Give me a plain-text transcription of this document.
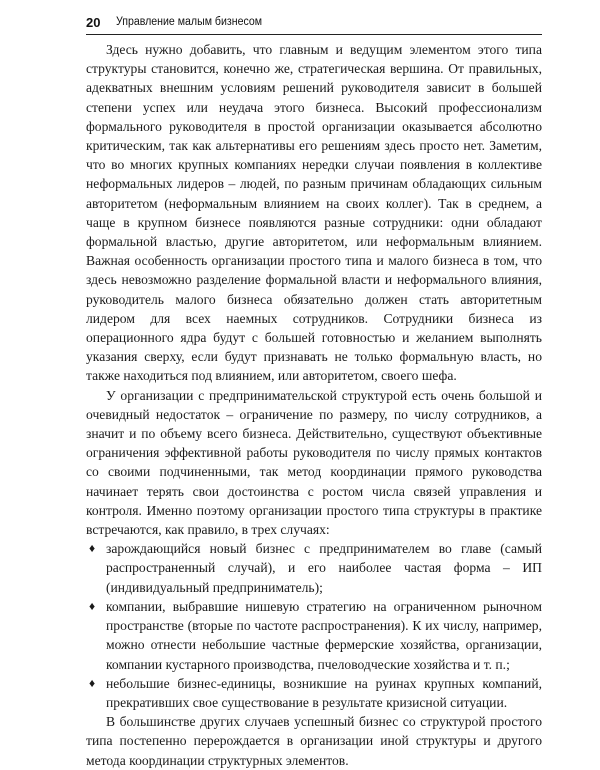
20 Управление малым бизнесом

Здесь нужно добавить, что главным и ведущим элементом этого типа структуры становится, конечно же, стратегическая вершина. От правильных, адекватных внешним условиям решений руководителя зависит в большей степени успех или неудача этого бизнеса. Высокий профессионализм формального руководителя в простой организации оказывается абсолютно критическим, так как альтернативы его решениям здесь просто нет. Заметим, что во многих крупных компаниях нередки случаи появления в коллективе неформальных лидеров – людей, по разным причинам обладающих сильным авторитетом (неформальным влиянием на своих коллег). Так в среднем, а чаще в крупном бизнесе появляются разные сотрудники: одни обладают формальной властью, другие авторитетом, или неформальным влиянием. Важная особенность организации простого типа и малого бизнеса в том, что здесь невозможно разделение формальной власти и неформального влияния, руководитель малого бизнеса обязательно должен стать авторитетным лидером для всех наемных сотрудников. Сотрудники бизнеса из операционного ядра будут с большей готовностью и желанием выполнять указания сверху, если будут признавать не только формальную власть, но также находиться под влиянием, или авторитетом, своего шефа.

У организации с предпринимательской структурой есть очень большой и очевидный недостаток – ограничение по размеру, по числу сотрудников, а значит и по объему всего бизнеса. Действительно, существуют объективные ограничения эффективной работы руководителя по числу прямых контактов со своими подчиненными, так метод координации прямого руководства начинает терять свои достоинства с ростом числа связей управления и контроля. Именно поэтому организации простого типа структуры в практике встречаются, как правило, в трех случаях:

♦ зарождающийся новый бизнес с предпринимателем во главе (самый распространенный случай), и его наиболее частая форма – ИП (индивидуальный предприниматель);
♦ компании, выбравшие нишевую стратегию на ограниченном рыночном пространстве (вторые по частоте распространения). К их числу, например, можно отнести небольшие частные фермерские хозяйства, организации, компании кустарного производства, пчеловодческие хозяйства и т. п.;
♦ небольшие бизнес-единицы, возникшие на руинах крупных компаний, прекративших свое существование в результате кризисной ситуации.

В большинстве других случаев успешный бизнес со структурой простого типа постепенно перерождается в организации иной структуры и другого метода координации структурных элементов.
